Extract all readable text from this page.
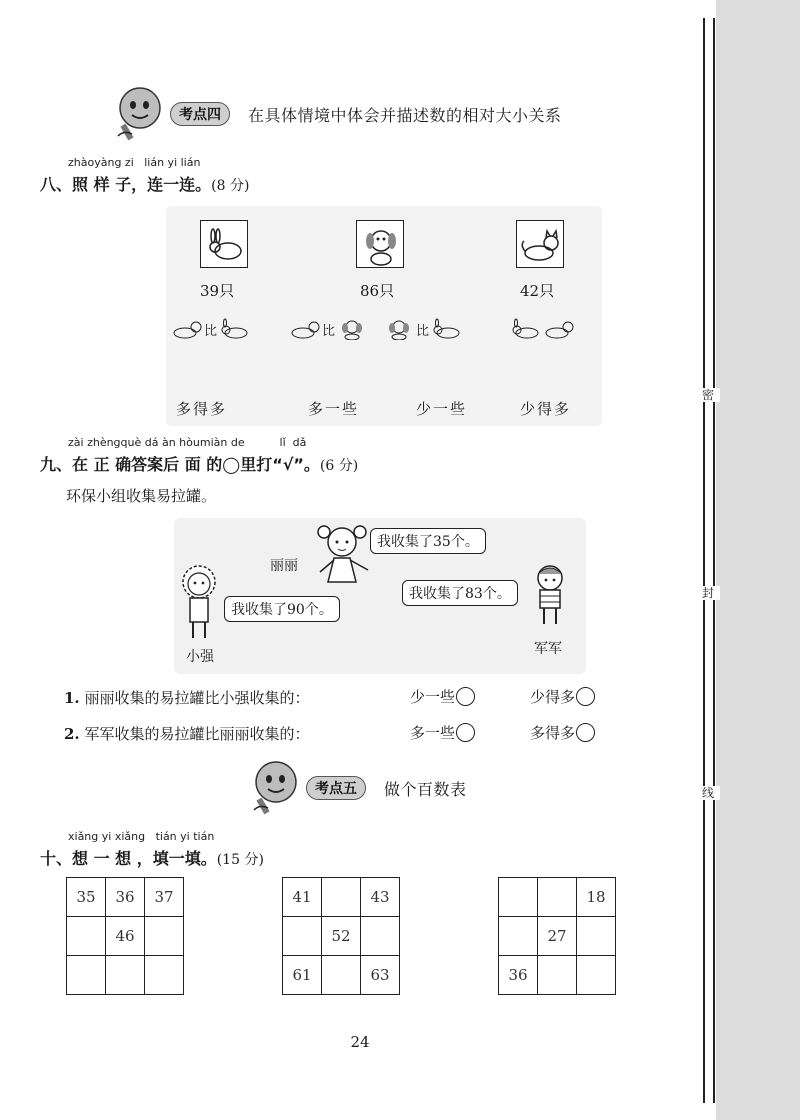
密
封
线
考点四	在具体情境中体会并描述数的相对大小关系
zhàoyàng zi   lián yi lián
八、照 样 子，连一连。(8 分)
39只	86只	42只
比	比	比
多得多	多一些	少一些	少得多
zài zhèngquè dá àn hòumiàn de          lǐ  dǎ
九、在 正 确答案后 面 的◯里打“√”。(6 分)
环保小组收集易拉罐。
丽丽
我收集了35个。
我收集了90个。
小强
我收集了83个。
军军
1. 丽丽收集的易拉罐比小强收集的：	少一些	少得多
2. 军军收集的易拉罐比丽丽收集的：	多一些	多得多
考点五	做个百数表
xiǎng yi xiǎng   tián yi tián
十、想 一 想 ，填一填。(15 分)
35	36	37
	46	

41		43
	52	
61		63
		18
	27	
36		
24
